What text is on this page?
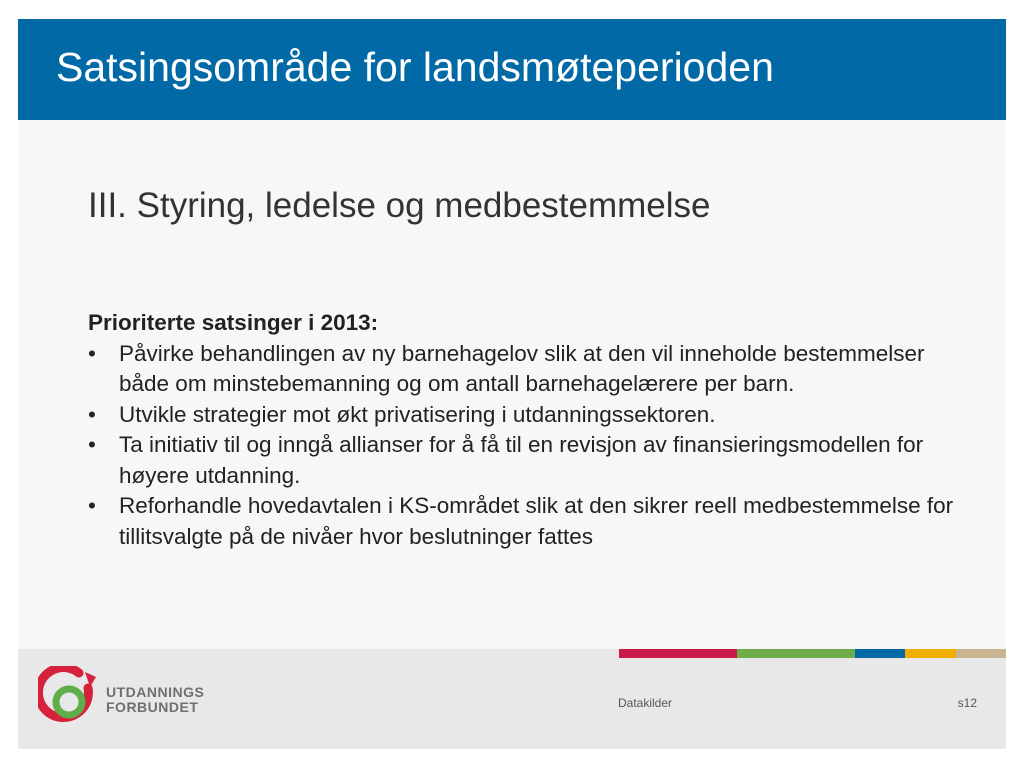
Satsingsområde for landsmøteperioden
III. Styring, ledelse og medbestemmelse
Prioriterte satsinger i 2013:
• Påvirke behandlingen av ny barnehagelov slik at den vil inneholde bestemmelser både om minstebemanning og om antall barnehagelærere per barn.
• Utvikle strategier mot økt privatisering i utdanningssektoren.
• Ta initiativ til og inngå allianser for å få til en revisjon av finansieringsmodellen for høyere utdanning.
• Reforhandle hovedavtalen i KS-området slik at den sikrer reell medbestemmelse for tillitsvalgte på de nivåer hvor beslutninger fattes
UTDANNINGS
FORBUNDET	Datakilder	s12
